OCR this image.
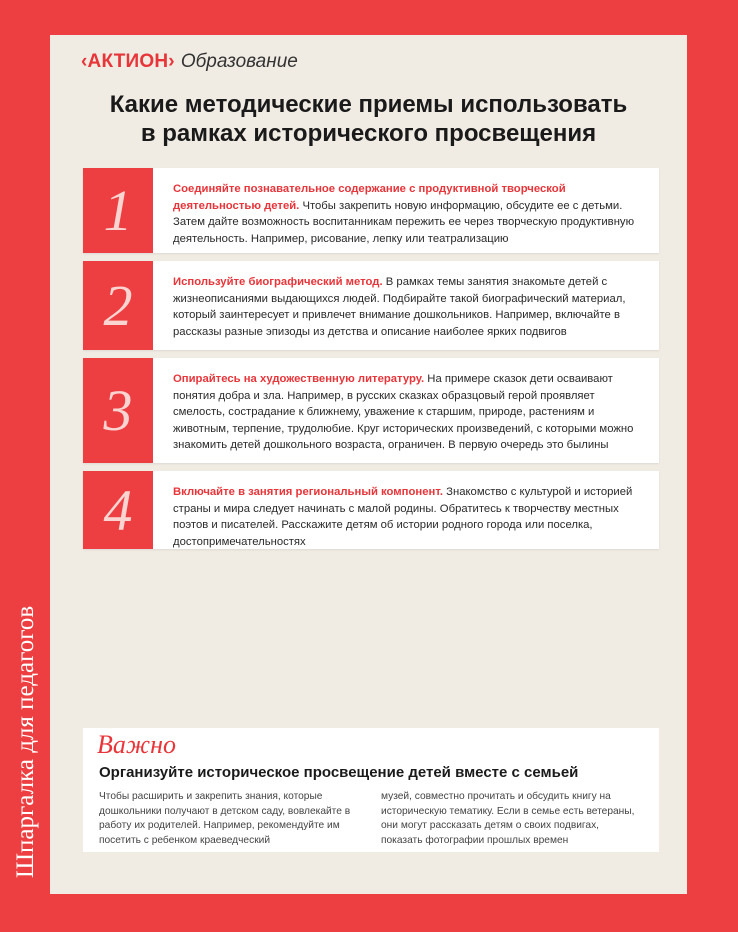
Шпаргалка для педагогов
‹АКТИОН› Образование
Какие методические приемы использовать
в рамках исторического просвещения
1	Соединяйте познавательное содержание с продуктивной творческой деятельностью детей. Чтобы закрепить новую информацию, обсудите ее с детьми. Затем дайте возможность воспитанникам пережить ее через творческую продуктивную деятельность. Например, рисование, лепку или театрализацию
2	Используйте биографический метод. В рамках темы занятия знакомьте детей с жизнеописаниями выдающихся людей. Подбирайте такой биографический материал, который заинтересует и привлечет внимание дошкольников. Например, включайте в рассказы разные эпизоды из детства и описание наиболее ярких подвигов
3	Опирайтесь на художественную литературу. На примере сказок дети осваивают понятия добра и зла. Например, в русских сказках образцовый герой проявляет смелость, сострадание к ближнему, уважение к старшим, природе, растениям и животным, терпение, трудолюбие. Круг исторических произведений, с которыми можно знакомить детей дошкольного возраста, ограничен. В первую очередь это былины
4	Включайте в занятия региональный компонент. Знакомство с культурой и историей страны и мира следует начинать с малой родины. Обратитесь к творчеству местных поэтов и писателей. Расскажите детям об истории родного города или поселка, достопримечательностях
Важно
Организуйте историческое просвещение детей вместе с семьей
Чтобы расширить и закрепить знания, которые дошкольники получают в детском саду, вовлекайте в работу их родителей. Например, рекомендуйте им посетить с ребенком краеведческий
музей, совместно прочитать и обсудить книгу на историческую тематику. Если в семье есть ветераны, они могут рассказать детям о своих подвигах, показать фотографии прошлых времен
